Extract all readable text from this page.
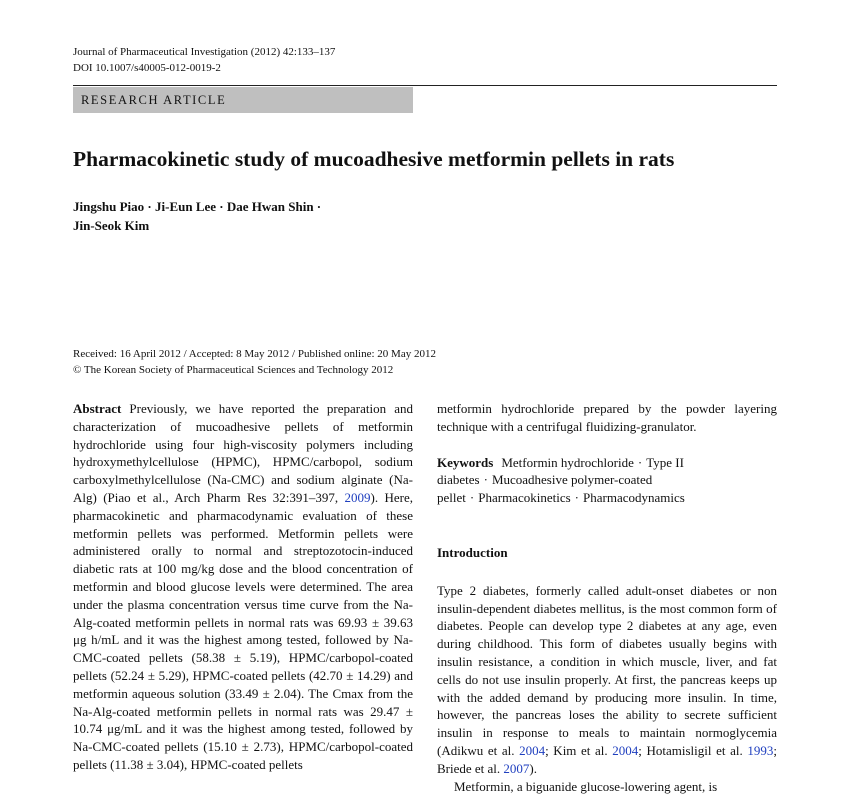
Journal of Pharmaceutical Investigation (2012) 42:133–137
DOI 10.1007/s40005-012-0019-2
RESEARCH ARTICLE
Pharmacokinetic study of mucoadhesive metformin pellets in rats
Jingshu Piao · Ji-Eun Lee · Dae Hwan Shin ·
Jin-Seok Kim
Received: 16 April 2012 / Accepted: 8 May 2012 / Published online: 20 May 2012
© The Korean Society of Pharmaceutical Sciences and Technology 2012

Abstract Previously, we have reported the preparation and characterization of mucoadhesive pellets of metformin hydrochloride using four high-viscosity polymers including hydroxymethylcellulose (HPMC), HPMC/carbopol, sodium carboxylmethylcellulose (Na-CMC) and sodium alginate (Na-Alg) (Piao et al., Arch Pharm Res 32:391–397, 2009). Here, pharmacokinetic and pharmacodynamic evaluation of these metformin pellets was performed. Metformin pellets were administered orally to normal and streptozotocin-induced diabetic rats at 100 mg/kg dose and the blood concentration of metformin and blood glucose levels were determined. The area under the plasma concentration versus time curve from the Na-Alg-coated metformin pellets in normal rats was 69.93 ± 39.63 μg h/mL and it was the highest among tested, followed by Na-CMC-coated pellets (58.38 ± 5.19), HPMC/carbopol-coated pellets (52.24 ± 5.29), HPMC-coated pellets (42.70 ± 14.29) and metformin aqueous solution (33.49 ± 2.04). The Cmax from the Na-Alg-coated metformin pellets in normal rats was 29.47 ± 10.74 μg/mL and it was the highest among tested, followed by Na-CMC-coated pellets (15.10 ± 2.73), HPMC/carbopol-coated pellets (11.38 ± 3.04), HPMC-coated pellets

metformin hydrochloride prepared by the powder layering technique with a centrifugal fluidizing-granulator.

Keywords Metformin hydrochloride · Type II diabetes · Mucoadhesive polymer-coated pellet · Pharmacokinetics · Pharmacodynamics

Introduction

Type 2 diabetes, formerly called adult-onset diabetes or non insulin-dependent diabetes mellitus, is the most common form of diabetes. People can develop type 2 diabetes at any age, even during childhood. This form of diabetes usually begins with insulin resistance, a condition in which muscle, liver, and fat cells do not use insulin properly. At first, the pancreas keeps up with the added demand by producing more insulin. In time, however, the pancreas loses the ability to secrete sufficient insulin in response to meals to maintain normoglycemia (Adikwu et al. 2004; Kim et al. 2004; Hotamisligil et al. 1993; Briede et al. 2007).

Metformin, a biguanide glucose-lowering agent, is
